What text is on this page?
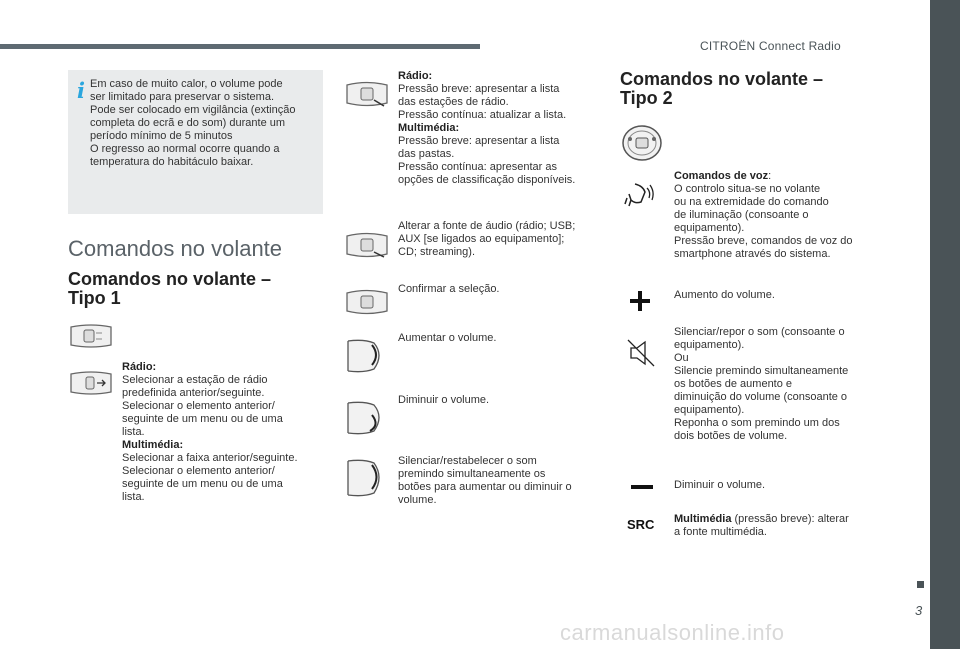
CITROËN Connect Radio
3
carmanualsonline.info
i Em caso de muito calor, o volume pode
ser limitado para preservar o sistema.
Pode ser colocado em vigilância (extinção
completa do ecrã e do som) durante um
período mínimo de 5 minutos
O regresso ao normal ocorre quando a
temperatura do habitáculo baixar.
Comandos no volante
Comandos no volante –
Tipo 1
Rádio:
Selecionar a estação de rádio
predefinida anterior/seguinte.
Selecionar o elemento anterior/
seguinte de um menu ou de uma
lista.
Multimédia:
Selecionar a faixa anterior/seguinte.
Selecionar o elemento anterior/
seguinte de um menu ou de uma
lista.
Rádio:
Pressão breve: apresentar a lista
das estações de rádio.
Pressão contínua: atualizar a lista.
Multimédia:
Pressão breve: apresentar a lista
das pastas.
Pressão contínua: apresentar as
opções de classificação disponíveis.
Alterar a fonte de áudio (rádio; USB;
AUX [se ligados ao equipamento];
CD; streaming).
Confirmar a seleção.
Aumentar o volume.
Diminuir o volume.
Silenciar/restabelecer o som
premindo simultaneamente os
botões para aumentar ou diminuir o
volume.
Comandos no volante –
Tipo 2
Comandos de voz:
O controlo situa-se no volante
ou na extremidade do comando
de iluminação (consoante o
equipamento).
Pressão breve, comandos de voz do
smartphone através do sistema.
Aumento do volume.
Silenciar/repor o som (consoante o
equipamento).
Ou
Silencie premindo simultaneamente
os botões de aumento e
diminuição do volume (consoante o
equipamento).
Reponha o som premindo um dos
dois botões de volume.
Diminuir o volume.
SRC Multimédia (pressão breve): alterar
a fonte multimédia.
